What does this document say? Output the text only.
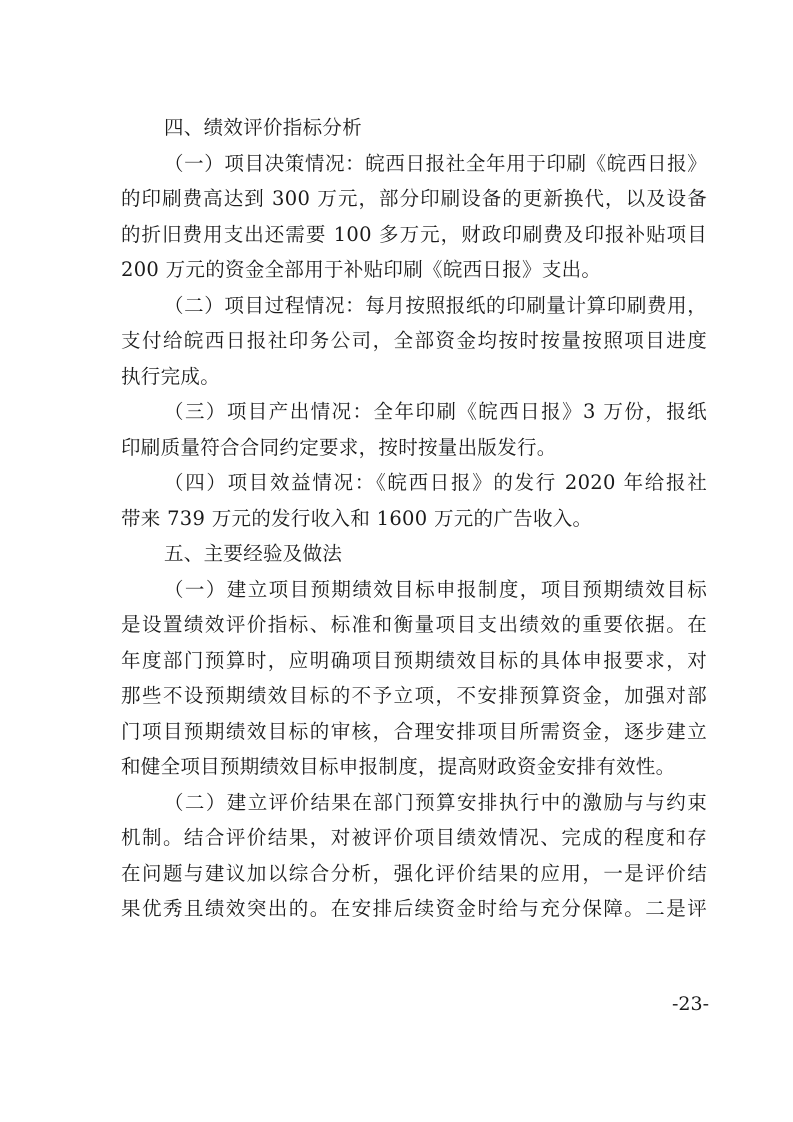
四、绩效评价指标分析
（一）项目决策情况：皖西日报社全年用于印刷《皖西日报》
的印刷费高达到 300 万元，部分印刷设备的更新换代，以及设备
的折旧费用支出还需要 100 多万元，财政印刷费及印报补贴项目
200 万元的资金全部用于补贴印刷《皖西日报》支出。
（二）项目过程情况：每月按照报纸的印刷量计算印刷费用，
支付给皖西日报社印务公司，全部资金均按时按量按照项目进度
执行完成。
（三）项目产出情况：全年印刷《皖西日报》3 万份，报纸
印刷质量符合合同约定要求，按时按量出版发行。
（四）项目效益情况：《皖西日报》的发行 2020 年给报社
带来 739 万元的发行收入和 1600 万元的广告收入。
五、主要经验及做法
（一）建立项目预期绩效目标申报制度，项目预期绩效目标
是设置绩效评价指标、标准和衡量项目支出绩效的重要依据。在
年度部门预算时，应明确项目预期绩效目标的具体申报要求，对
那些不设预期绩效目标的不予立项，不安排预算资金，加强对部
门项目预期绩效目标的审核，合理安排项目所需资金，逐步建立
和健全项目预期绩效目标申报制度，提高财政资金安排有效性。
（二）建立评价结果在部门预算安排执行中的激励与与约束
机制。结合评价结果，对被评价项目绩效情况、完成的程度和存
在问题与建议加以综合分析，强化评价结果的应用，一是评价结
果优秀且绩效突出的。在安排后续资金时给与充分保障。二是评
-23-
